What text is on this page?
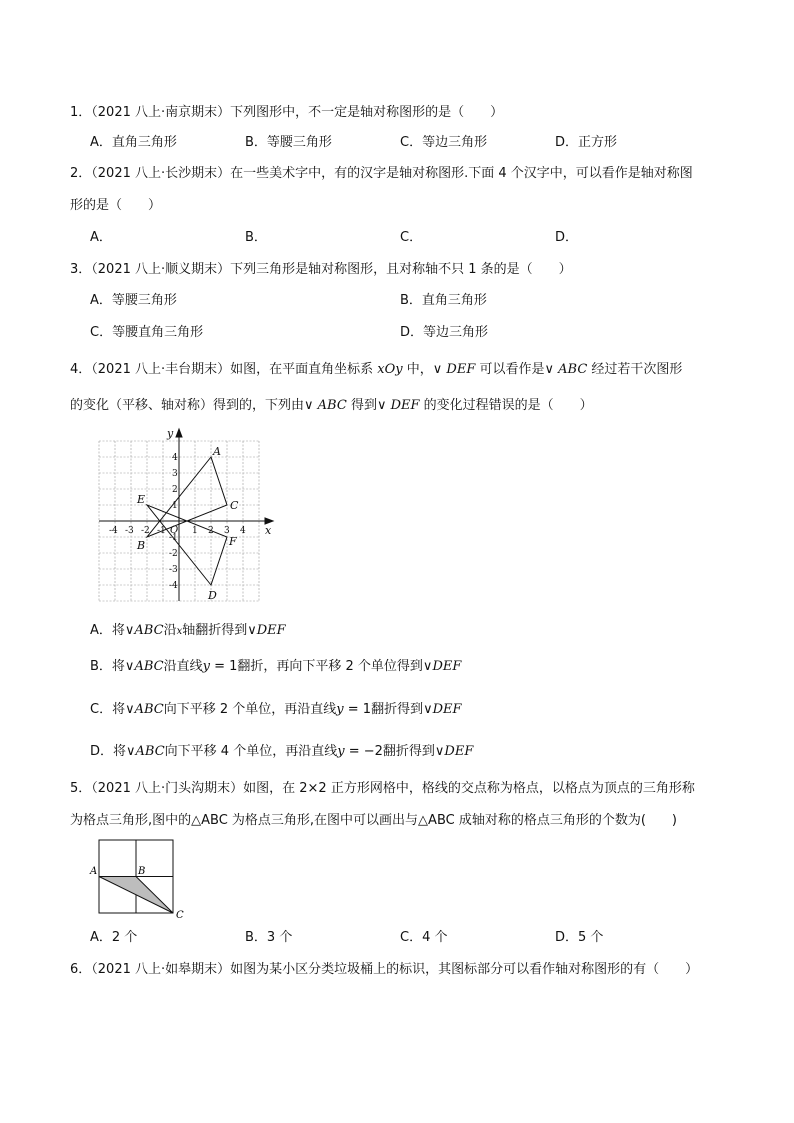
1．（2021 八上·南京期末）下列图形中，不一定是轴对称图形的是（　　）
A．直角三角形	B．等腰三角形	C．等边三角形	D．正方形
2．（2021 八上·长沙期末）在一些美术字中，有的汉字是轴对称图形.下面 4 个汉字中，可以看作是轴对称图
形的是（　　）
A．	B．	C．	D．
3．（2021 八上·顺义期末）下列三角形是轴对称图形，且对称轴不只 1 条的是（　　）
A．等腰三角形	B．直角三角形
C．等腰直角三角形	D．等边三角形
4．（2021 八上·丰台期末）如图，在平面直角坐标系 xOy 中，∨ DEF 可以看作是∨ ABC 经过若干次图形
的变化（平移、轴对称）得到的，下列由∨ ABC 得到∨ DEF 的变化过程错误的是（　　）
-4 -3 -2 -1	1 2 3 4
4
3
2
1
-1
-2
-3
-4
O	x
y
A
B
C
D
E
F
A．将∨ABC沿x轴翻折得到∨DEF
B．将∨ABC沿直线y = 1翻折，再向下平移 2 个单位得到∨DEF
C．将∨ABC向下平移 2 个单位，再沿直线y = 1翻折得到∨DEF
D．将∨ABC向下平移 4 个单位，再沿直线y = −2翻折得到∨DEF
5．（2021 八上·门头沟期末）如图，在 2×2 正方形网格中，格线的交点称为格点，以格点为顶点的三角形称
为格点三角形,图中的△ABC 为格点三角形,在图中可以画出与△ABC 成轴对称的格点三角形的个数为(　　)
A	B
C
A．2 个	B．3 个	C．4 个	D．5 个
6．（2021 八上·如皋期末）如图为某小区分类垃圾桶上的标识，其图标部分可以看作轴对称图形的有（　　）
